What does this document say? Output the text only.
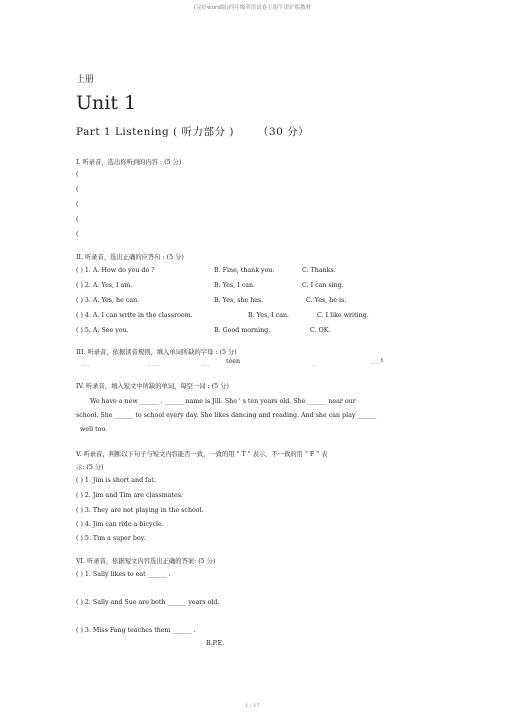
(完好word版)四年级英语试卷上册牛津沪版教材
上册
Unit 1
Part 1 Listening ( 听力部分 ) （30 分）
I. 听录音，选出你听到的内容 : (5 分)
(
(
(
(
(
II. 听录音，选出正确的应答句 : (5 分)
( ) 1. A. How do you do ?	B. Fine, thank you.	C. Thanks.
( ) 2. A. Yes, I am.	B. Yes, I can.	C. I can sing.
( ) 3. A. Yes, he can.	B. Yes, she has.	C. Yes, he is.
( ) 4. A. I can write in the classroom.	B. Yes, I can.	C. I like writing.
( ) 5. A. See you.	B. Good morning.	C. OK.
III. 听录音，依据读音规则，填入单词所缺的字母 : (5 分)
_ _	_ _ _	_ _	teen	_	_ _ t
IV. 听录音，填入短文中所缺的单词，每空一词 : (5 分)
We have a new ______ . ______ name is Jill. She ' s ten years old. She ______ near our
school. She ______ to school every day. She likes dancing and reading. And she can play ______
well too.
V. 听录音，判断以下句子与短文内容能否一致，一致的用 " T " 表示，不一致的用 " F " 表
示: (5 分)
( ) 1. Jim is short and fat.
( ) 2. Jim and Tim are classmates.
( ) 3. They are not playing in the school.
( ) 4. Jim can ride a bicycle.
( ) 5. Tim a super boy.
VI. 听录音，依据短文内容选出正确的答案: (5 分)
( ) 1. Sally likes to eat ______ .
( ) 2. Sally and Sue are both ______ years old.
( ) 3. Miss Fang teaches them ______ .
B.P.E.
1 / 17
